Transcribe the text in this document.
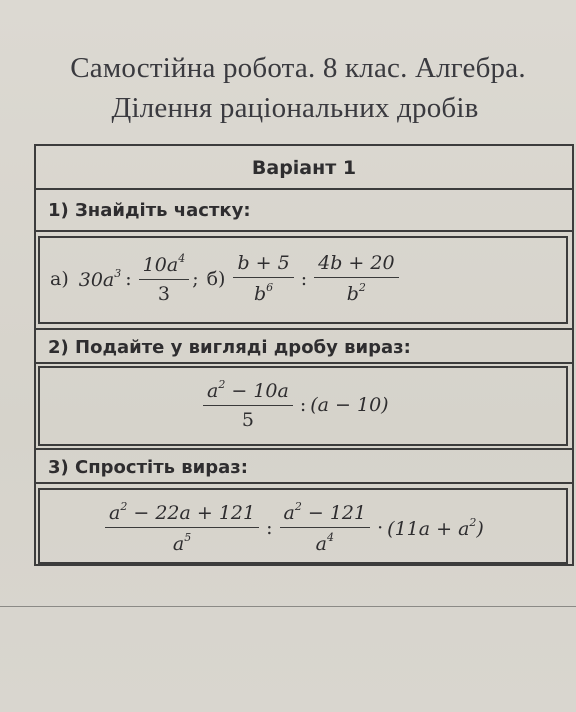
Самостійна робота. 8 клас. Алгебра.
Ділення раціональних дробів
Варіант 1
1) Знайдіть частку:
а) $30a^3$ : $\frac{10a^4}{3}$ ; $б) \frac{b + 5}{b^6}$ : $\frac{4b + 20}{b^2}$
2) Подайте у вигляді дробу вираз:
$\frac{a^2 - 10a}{5}$ : (a − 10)
3) Спростіть вираз:
$\frac{a^2 - 22a + 121}{a^5}$ : $\frac{a^2 - 121}{a^4} \cdot (11a + a^2)$
